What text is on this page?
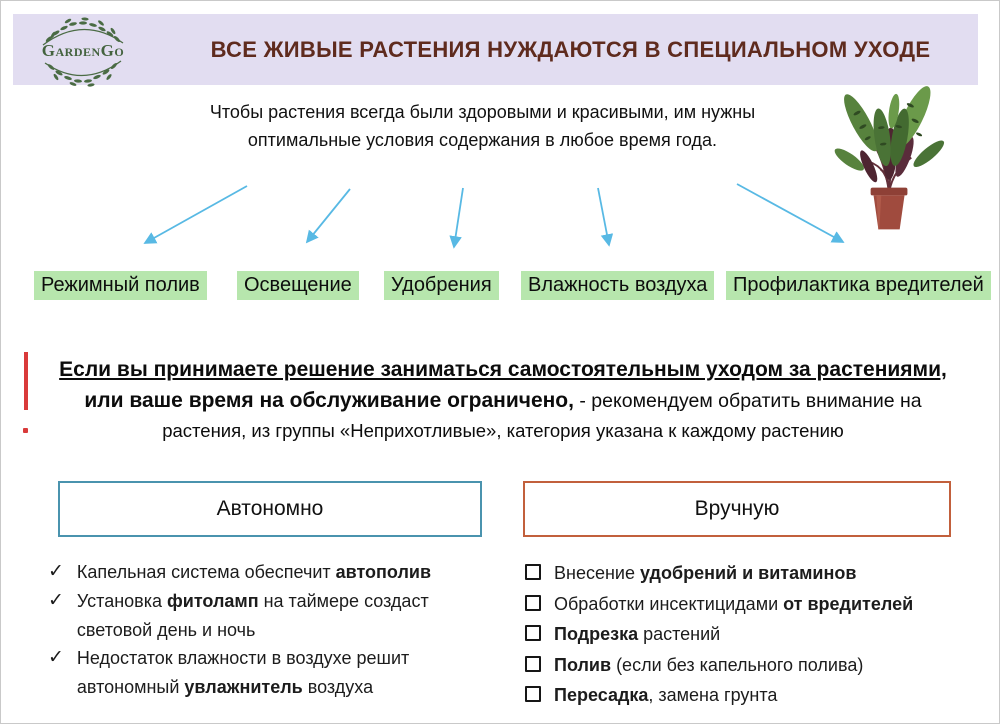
ВСЕ ЖИВЫЕ РАСТЕНИЯ НУЖДАЮТСЯ В СПЕЦИАЛЬНОМ УХОДЕ
GardenGo
Чтобы растения всегда были здоровыми и красивыми, им нужны оптимальные условия содержания в любое время года.
Режимный полив	Освещение	Удобрения	Влажность воздуха	Профилактика вредителей
Если вы принимаете решение заниматься самостоятельным уходом за растениями,
или ваше время на обслуживание ограничено, - рекомендуем обратить внимание на
растения, из группы «Неприхотливые», категория указана к каждому растению
Автономно	Вручную
✓ Капельная система обеспечит автополив
✓ Установка фитоламп на таймере создаст световой день и ночь
✓ Недостаток влажности в воздухе решит автономный увлажнитель воздуха
Внесение удобрений и витаминов
Обработки инсектицидами от вредителей
Подрезка растений
Полив (если без капельного полива)
Пересадка, замена грунта
